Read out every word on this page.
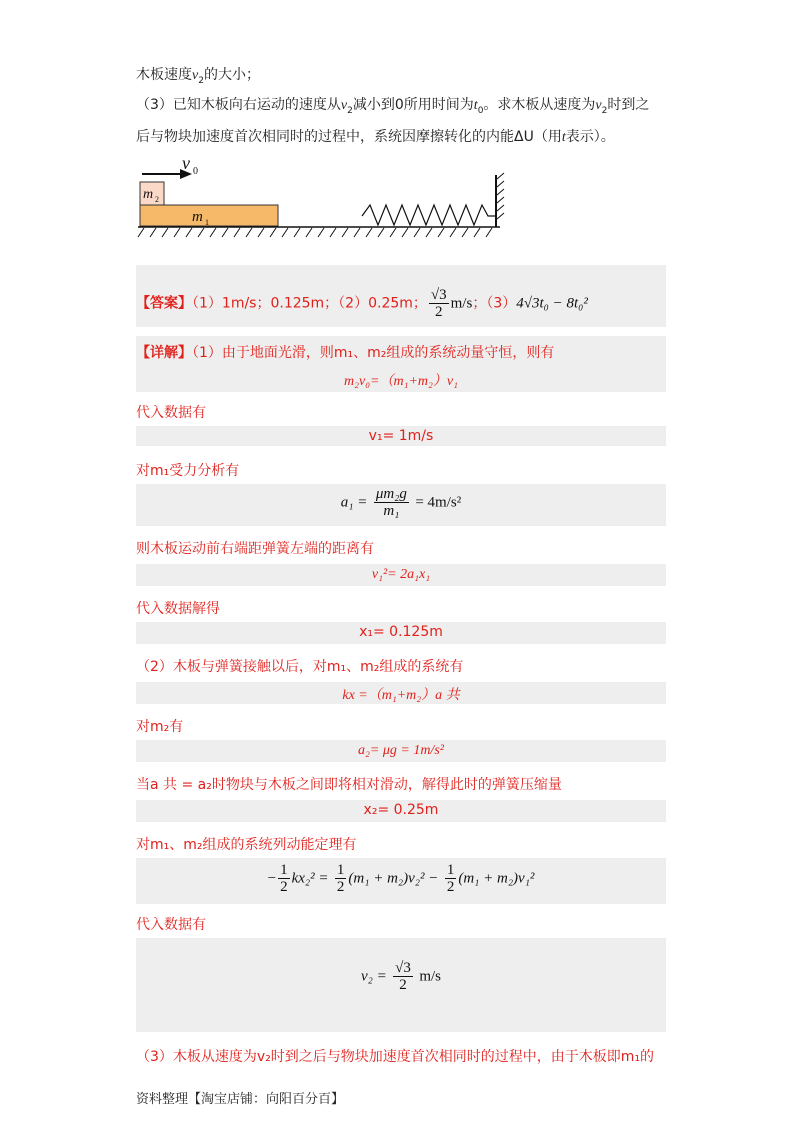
木板速度$v_2$的大小；
（3）已知木板向右运动的速度从$v_2$减小到0所用时间为$t_0$。求木板从速度为$v_2$时到之
后与物块加速度首次相同时的过程中，系统因摩擦转化的内能ΔU（用t表示）。
v 0
m 2
m 1
【答案】（1）1m/s；0.125m；（2）0.25m； $\frac{√3}{2} m/s$；（3）4√3t₀ − 8t₀²
【详解】（1）由于地面光滑，则m₁、m₂组成的系统动量守恒，则有
m₂v₀=（m₁+m₂）v₁
代入数据有
v₁= 1m/s
对m₁受力分析有
$a_1 = \frac{\text{μm₂g}}{\text{m₁}} = 4m/s^2$
则木板运动前右端距弹簧左端的距离有
v₁²= 2a₁x₁
代入数据解得
x₁= 0.125m
（2）木板与弹簧接触以后，对m₁、m₂组成的系统有
kx =（m₁+m₂）a 共
对m₂有
a₂= μg = 1m/s²
当a 共 = a₂时物块与木板之间即将相对滑动，解得此时的弹簧压缩量
x₂= 0.25m
对m₁、m₂组成的系统列动能定理有
− $\frac{1}{2} kx_2^2 = \frac{1}{2} (m_1 + m_2)v_2^2 - \frac{1}{2} (m_1 + m_2)v_1^2$
代入数据有
$v_2 = \frac{√3}{2} m/s$
（3）木板从速度为v₂时到之后与物块加速度首次相同时的过程中，由于木板即m₁的
资料整理【淘宝店铺：向阳百分百】
